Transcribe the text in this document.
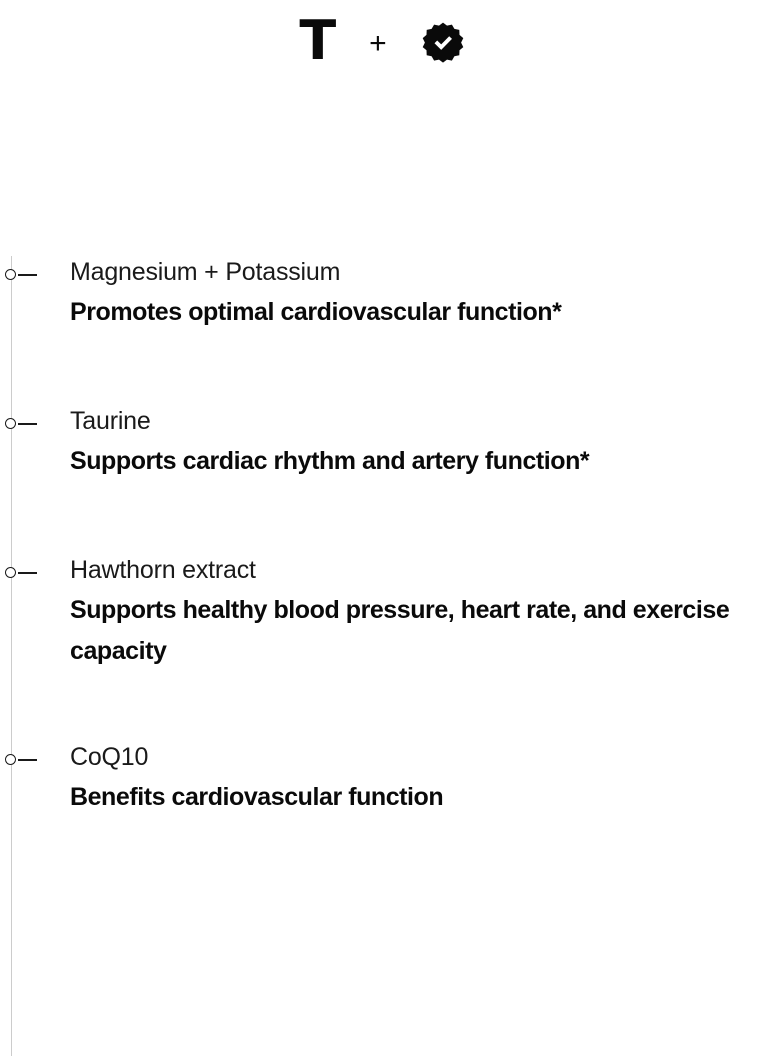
T +

Magnesium + Potassium

Promotes optimal cardiovascular function*

Taurine

Supports cardiac rhythm and artery function*

Hawthorn extract

Supports healthy blood pressure, heart rate, and exercise capacity

CoQ10

Benefits cardiovascular function
